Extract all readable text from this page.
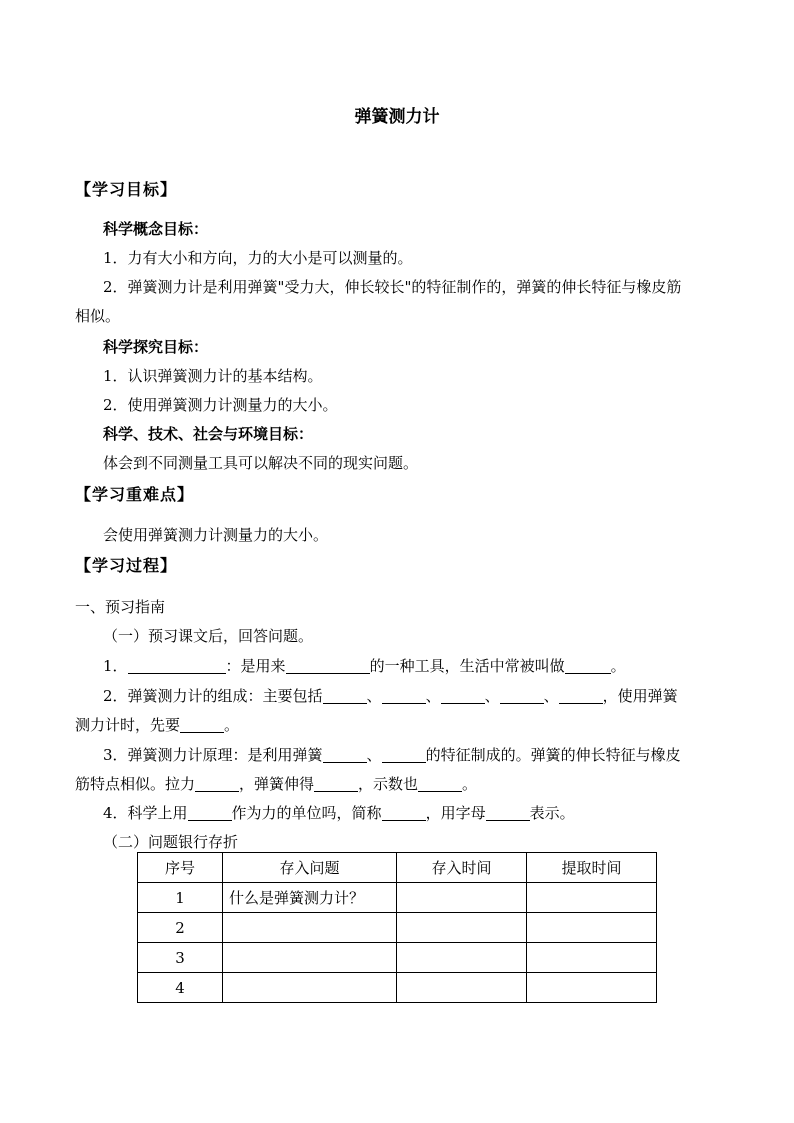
弹簧测力计
【学习目标】
科学概念目标：
1．力有大小和方向，力的大小是可以测量的。
2．弹簧测力计是利用弹簧"受力大，伸长较长"的特征制作的，弹簧的伸长特征与橡皮筋
相似。
科学探究目标：
1．认识弹簧测力计的基本结构。
2．使用弹簧测力计测量力的大小。
科学、技术、社会与环境目标：
体会到不同测量工具可以解决不同的现实问题。
【学习重难点】
会使用弹簧测力计测量力的大小。
【学习过程】
一、预习指南
（一）预习课文后，回答问题。
1．	：是用来	的一种工具，生活中常被叫做	。
2．弹簧测力计的组成：主要包括	、	、	、	、	，使用弹簧
测力计时，先要	。
3．弹簧测力计原理：是利用弹簧	、	的特征制成的。弹簧的伸长特征与橡皮
筋特点相似。拉力	，弹簧伸得	，示数也	。
4．科学上用	作为力的单位吗，简称	，用字母	表示。
（二）问题银行存折
序号	存入问题	存入时间	提取时间
1	什么是弹簧测力计？		
2			
3			
4			
